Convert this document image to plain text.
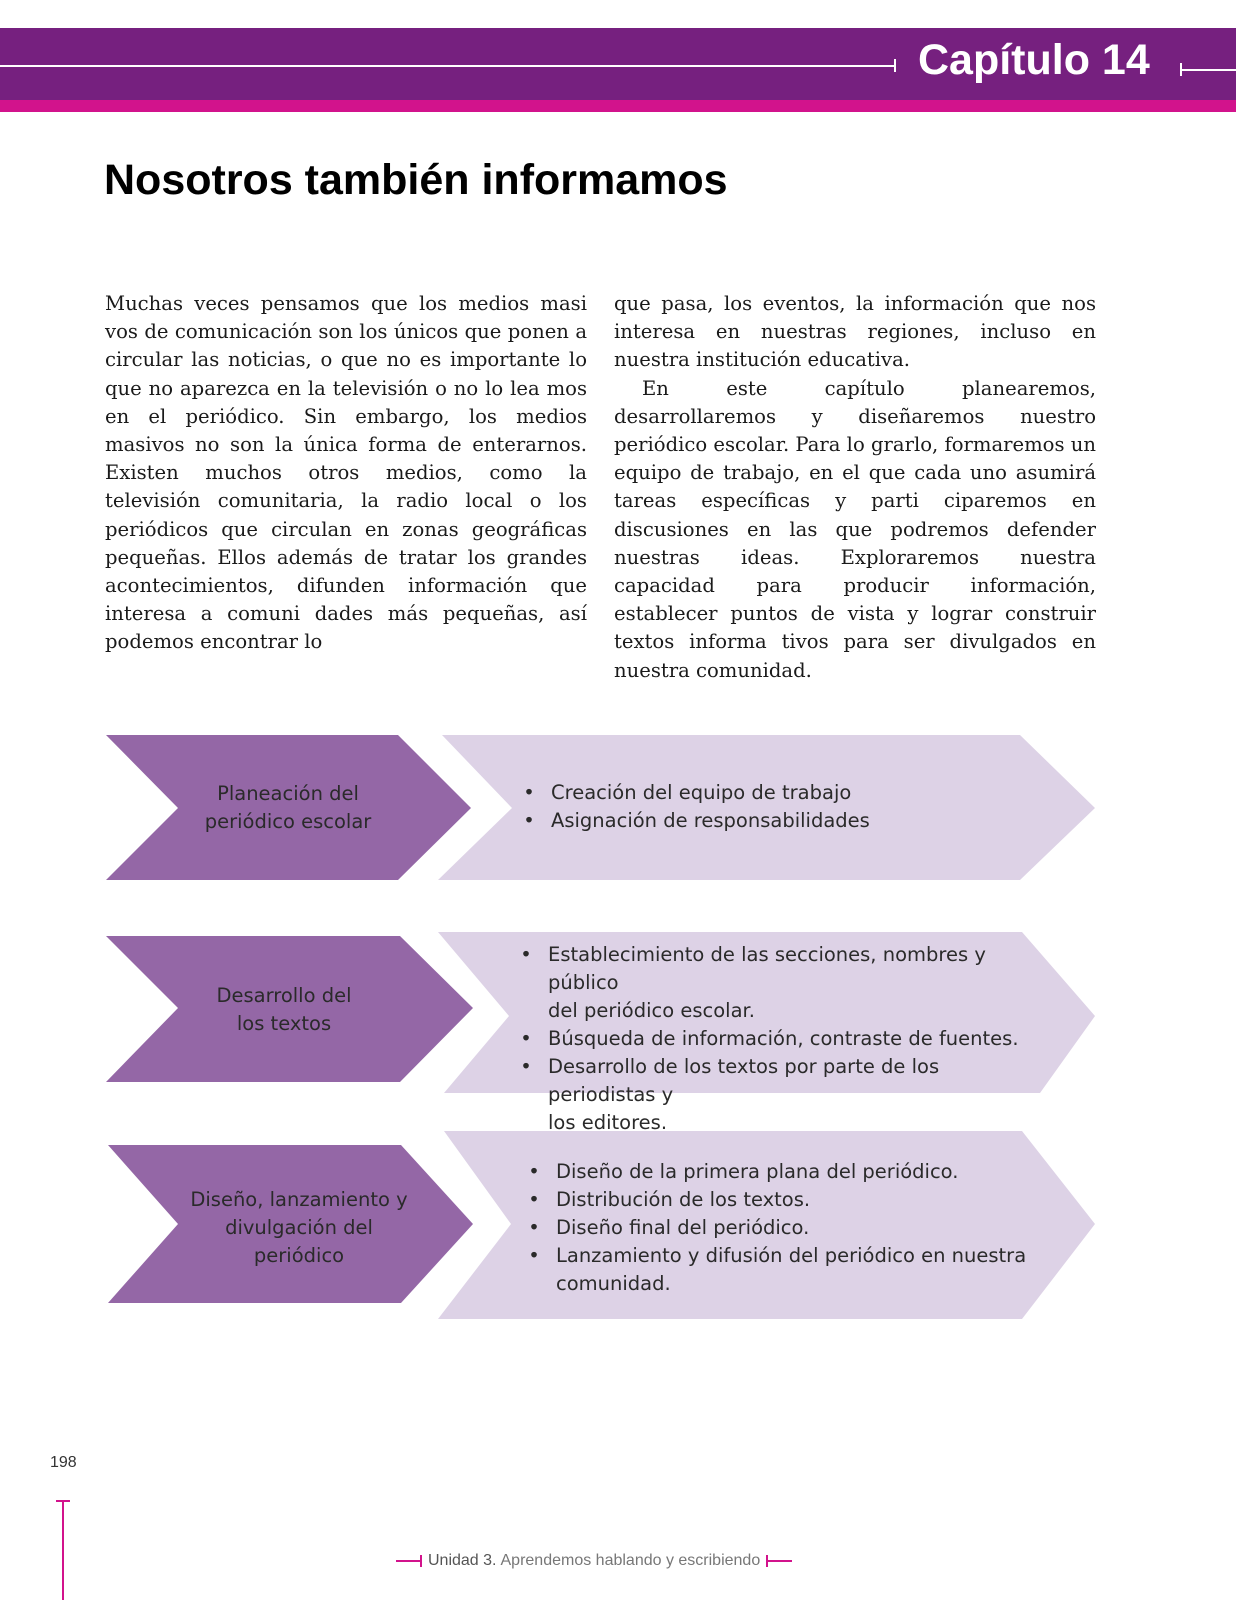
Capítulo 14
Nosotros también informamos

Muchas veces pensamos que los medios masi vos de comunicación son los únicos que ponen a circular las noticias, o que no es importante lo que no aparezca en la televisión o no lo lea mos en el periódico. Sin embargo, los medios masivos no son la única forma de enterarnos. Existen muchos otros medios, como la televisión comunitaria, la radio local o los periódicos que circulan en zonas geográficas pequeñas. Ellos además de tratar los grandes acontecimientos, difunden información que interesa a comuni dades más pequeñas, así podemos encontrar lo

que pasa, los eventos, la información que nos interesa en nuestras regiones, incluso en nuestra institución educativa.

En este capítulo planearemos, desarrollaremos y diseñaremos nuestro periódico escolar. Para lo grarlo, formaremos un equipo de trabajo, en el que cada uno asumirá tareas específicas y parti ciparemos en discusiones en las que podremos defender nuestras ideas. Exploraremos nuestra capacidad para producir información, establecer puntos de vista y lograr construir textos informa tivos para ser divulgados en nuestra comunidad.

Planeación del
periódico escolar
• Creación del equipo de trabajo
• Asignación de responsabilidades
Desarrollo del
los textos
• Establecimiento de las secciones, nombres y público
del periódico escolar.
• Búsqueda de información, contraste de fuentes.
• Desarrollo de los textos por parte de los periodistas y
los editores.
Diseño, lanzamiento y
divulgación del
periódico
• Diseño de la primera plana del periódico.
• Distribución de los textos.
• Diseño final del periódico.
• Lanzamiento y difusión del periódico en nuestra
comunidad.
198
Unidad 3. Aprendemos hablando y escribiendo
